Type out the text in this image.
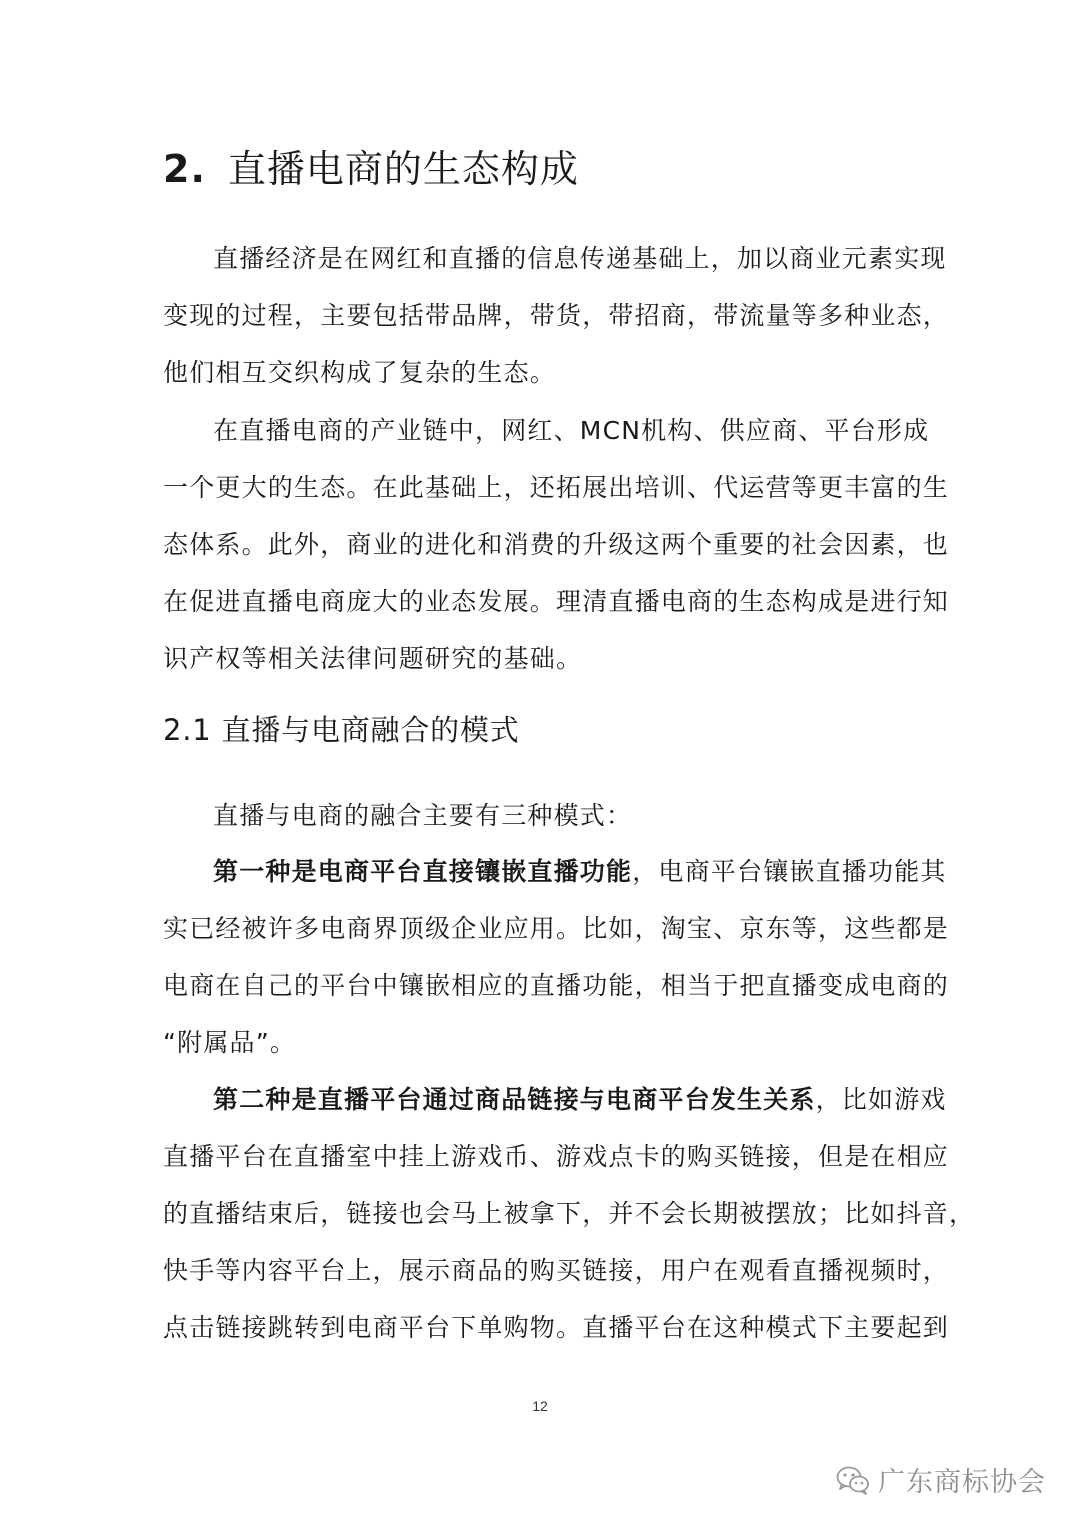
2. 直播电商的生态构成
直播经济是在网红和直播的信息传递基础上，加以商业元素实现
变现的过程，主要包括带品牌，带货，带招商，带流量等多种业态，
他们相互交织构成了复杂的生态。
在直播电商的产业链中，网红、MCN机构、供应商、平台形成
一个更大的生态。在此基础上，还拓展出培训、代运营等更丰富的生
态体系。此外，商业的进化和消费的升级这两个重要的社会因素，也
在促进直播电商庞大的业态发展。理清直播电商的生态构成是进行知
识产权等相关法律问题研究的基础。
2.1 直播与电商融合的模式
直播与电商的融合主要有三种模式：
第一种是电商平台直接镶嵌直播功能，电商平台镶嵌直播功能其
实已经被许多电商界顶级企业应用。比如，淘宝、京东等，这些都是
电商在自己的平台中镶嵌相应的直播功能，相当于把直播变成电商的
“附属品”。
第二种是直播平台通过商品链接与电商平台发生关系，比如游戏
直播平台在直播室中挂上游戏币、游戏点卡的购买链接，但是在相应
的直播结束后，链接也会马上被拿下，并不会长期被摆放；比如抖音，
快手等内容平台上，展示商品的购买链接，用户在观看直播视频时，
点击链接跳转到电商平台下单购物。直播平台在这种模式下主要起到
12
广东商标协会
